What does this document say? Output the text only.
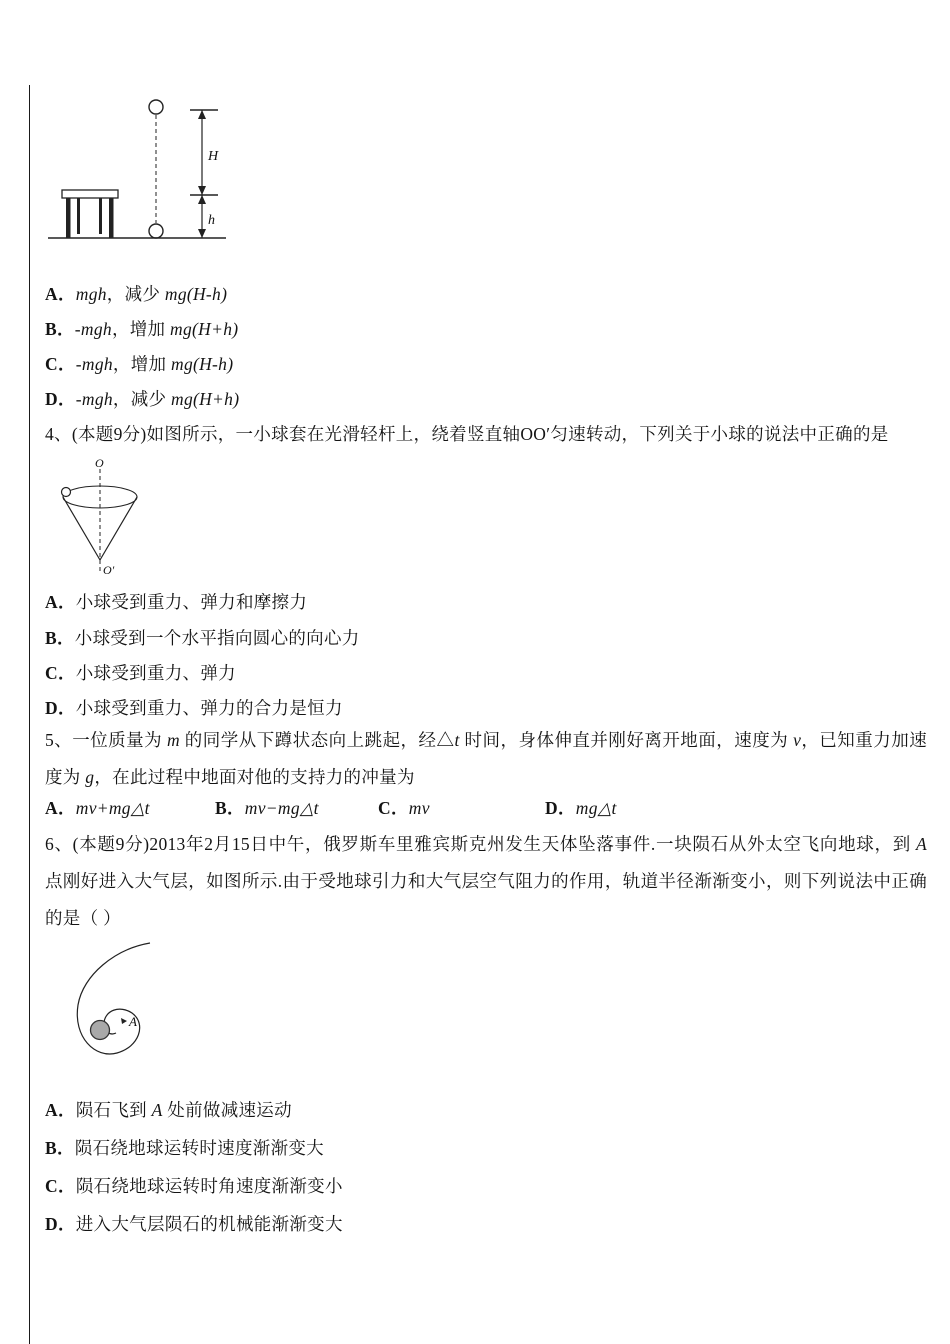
H
h
A．mgh，减少 mg(H-h)
B．-mgh，增加 mg(H+h)
C．-mgh，增加 mg(H-h)
D．-mgh，减少 mg(H+h)
4、(本题9分)如图所示，一小球套在光滑轻杆上，绕着竖直轴OO′匀速转动，下列关于小球的说法中正确的是
O
O′
A．小球受到重力、弹力和摩擦力
B．小球受到一个水平指向圆心的向心力
C．小球受到重力、弹力
D．小球受到重力、弹力的合力是恒力
5、一位质量为 m 的同学从下蹲状态向上跳起，经△t 时间，身体伸直并刚好离开地面，速度为 v，已知重力加速度为 g，在此过程中地面对他的支持力的冲量为
A．mv+mg△t	B．mv−mg△t	C．mv	D．mg△t
6、(本题9分)2013年2月15日中午，俄罗斯车里雅宾斯克州发生天体坠落事件.一块陨石从外太空飞向地球，到 A 点刚好进入大气层，如图所示.由于受地球引力和大气层空气阻力的作用，轨道半径渐渐变小，则下列说法中正确的是（ ）
A
A．陨石飞到 A 处前做减速运动
B．陨石绕地球运转时速度渐渐变大
C．陨石绕地球运转时角速度渐渐变小
D．进入大气层陨石的机械能渐渐变大
